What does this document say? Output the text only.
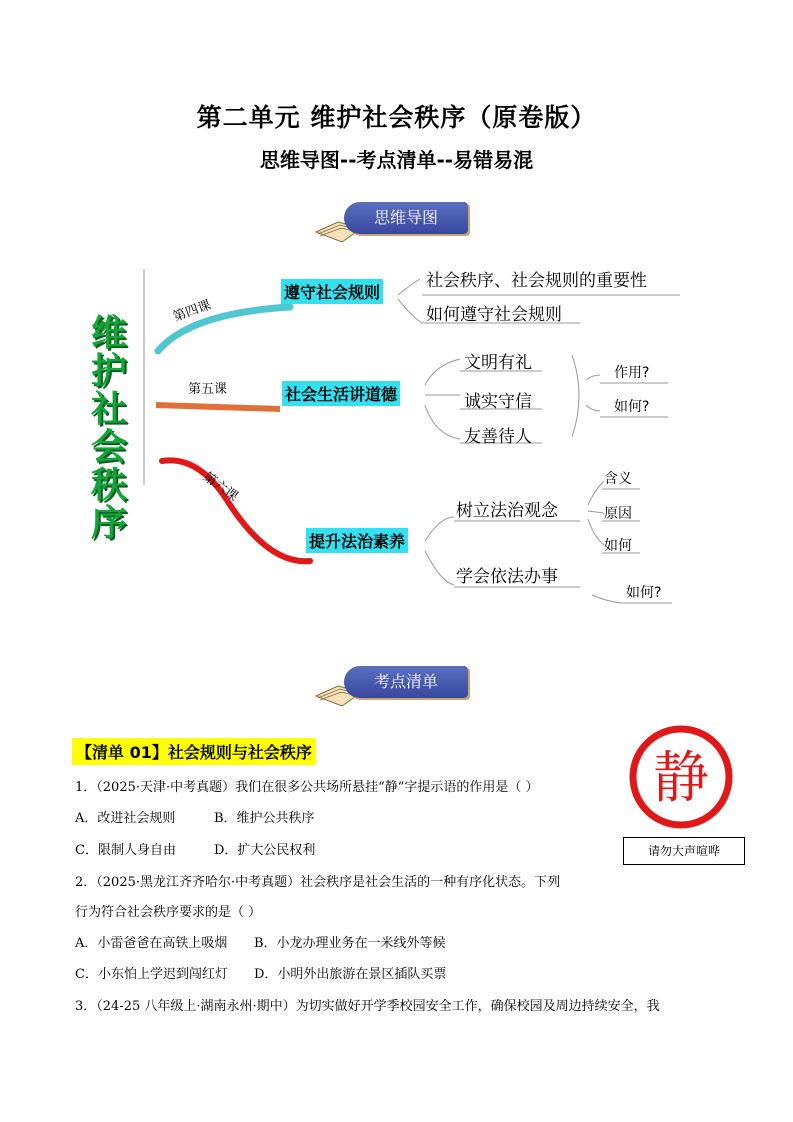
第二单元 维护社会秩序（原卷版）
思维导图--考点清单--易错易混
思维导图
维
护
社
会
秩
序
第四课
第五课
第六课
遵守社会规则
社会生活讲道德
提升法治素养
社会秩序、社会规则的重要性
如何遵守社会规则
文明有礼
诚实守信
友善待人
作用?
如何?
树立法治观念
学会依法办事
含义
原因
如何
如何?
考点清单
【清单 01】社会规则与社会秩序	静
请勿大声喧哗
1．（2025·天津·中考真题）我们在很多公共场所悬挂“静”字提示语的作用是（ ）
A．改进社会规则	B．维护公共秩序
C．限制人身自由	D．扩大公民权利
2．（2025·黑龙江齐齐哈尔·中考真题）社会秩序是社会生活的一种有序化状态。下列
行为符合社会秩序要求的是（ ）
A．小雷爸爸在高铁上吸烟 B．小龙办理业务在一米线外等候
C．小东怕上学迟到闯红灯 D．小明外出旅游在景区插队买票
3．（24-25 八年级上·湖南永州·期中）为切实做好开学季校园安全工作，确保校园及周边持续安全，我
